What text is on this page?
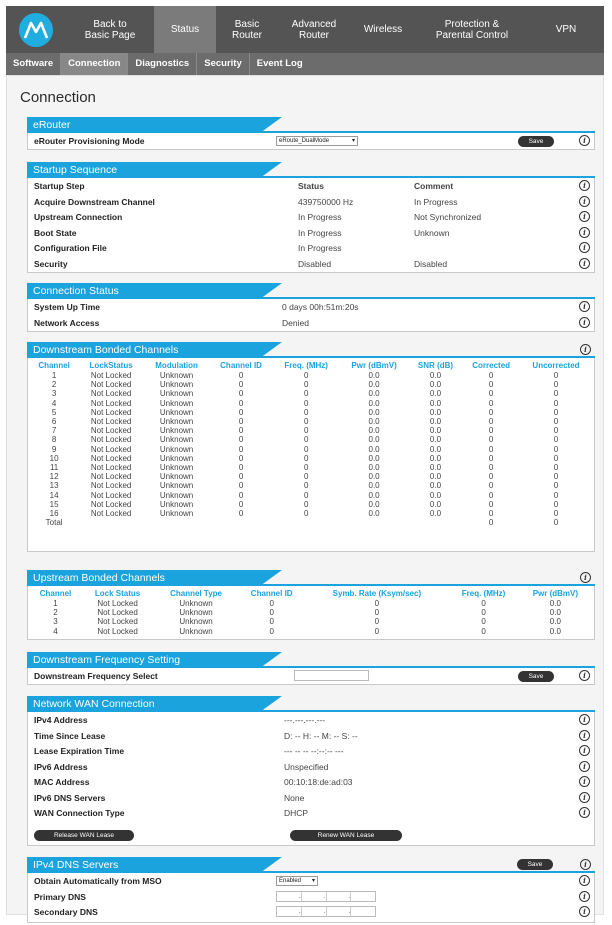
Back to
Basic Page	Status	Basic
Router
Advanced
Router	Wireless	Protection &
Parental Control	VPN
Software	Connection	Diagnostics	Security	Event Log
Connection
eRouter
eRouter Provisioning Mode	eRoute_DualMode	▾	Save	i
Startup Sequence
Startup Step	Status	Comment	i
Acquire Downstream Channel	439750000 Hz	In Progress	i
Upstream Connection	In Progress	Not Synchronized	i
Boot State	In Progress	Unknown	i
Configuration File	In Progress	i
Security	Disabled	Disabled	i
Connection Status
System Up Time	0 days 00h:51m:20s	i
Network Access	Denied	i
Downstream Bonded Channels	i
Channel	LockStatus	Modulation	Channel ID	Freq. (MHz)	Pwr (dBmV)	SNR (dB)	Corrected	Uncorrected
1	Not Locked	Unknown	0	0	0.0	0.0	0	0
2	Not Locked	Unknown	0	0	0.0	0.0	0	0
3	Not Locked	Unknown	0	0	0.0	0.0	0	0
4	Not Locked	Unknown	0	0	0.0	0.0	0	0
5	Not Locked	Unknown	0	0	0.0	0.0	0	0
6	Not Locked	Unknown	0	0	0.0	0.0	0	0
7	Not Locked	Unknown	0	0	0.0	0.0	0	0
8	Not Locked	Unknown	0	0	0.0	0.0	0	0
9	Not Locked	Unknown	0	0	0.0	0.0	0	0
10	Not Locked	Unknown	0	0	0.0	0.0	0	0
11	Not Locked	Unknown	0	0	0.0	0.0	0	0
12	Not Locked	Unknown	0	0	0.0	0.0	0	0
13	Not Locked	Unknown	0	0	0.0	0.0	0	0
14	Not Locked	Unknown	0	0	0.0	0.0	0	0
15	Not Locked	Unknown	0	0	0.0	0.0	0	0
16	Not Locked	Unknown	0	0	0.0	0.0	0	0
Total							0	0
Upstream Bonded Channels	i
Channel	Lock Status	Channel Type	Channel ID	Symb. Rate (Ksym/sec)	Freq. (MHz)	Pwr (dBmV)
1	Not Locked	Unknown	0	0	0	0.0
2	Not Locked	Unknown	0	0	0	0.0
3	Not Locked	Unknown	0	0	0	0.0
4	Not Locked	Unknown	0	0	0	0.0
Downstream Frequency Setting
Downstream Frequency Select	Save	i
Network WAN Connection
IPv4 Address	---.---.---.---	i
Time Since Lease	D: -- H: -- M: -- S: --	i
Lease Expiration Time	--- -- -- --:--:-- ---	i
IPv6 Address	Unspecified	i
MAC Address	00:10:18:de:ad:03	i
IPv6 DNS Servers	None	i
WAN Connection Type	DHCP	i
Release WAN Lease	Renew WAN Lease
IPv4 DNS Servers	Save	i
Obtain Automatically from MSO	Enabled ▾	i
Primary DNS	.	.	.	i
Secondary DNS	.	.	.	i
